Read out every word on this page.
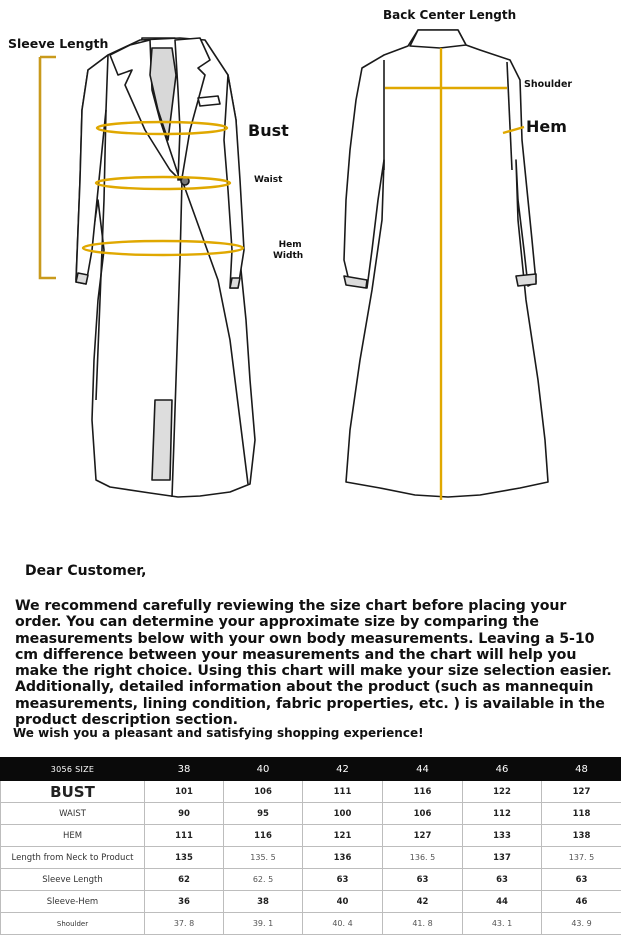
Sleeve Length
Bust
Waist
Hem
Width
Back Center Length
Shoulder
Hem
Dear Customer,
We recommend carefully reviewing the size chart before placing your order. You can determine your approximate size by comparing the measurements below with your own body measurements. Leaving a 5-10 cm difference between your measurements and the chart will help you make the right choice. Using this chart will make your size selection easier. Additionally, detailed information about the product (such as mannequin measurements, lining condition, fabric properties, etc. ) is available in the product description section.
We wish you a pleasant and satisfying shopping experience!
3056 SIZE	38	40	42	44	46	48
BUST	101	106	111	116	122	127
WAIST	90	95	100	106	112	118
HEM	111	116	121	127	133	138
Length from Neck to Product	135	135. 5	136	136. 5	137	137. 5
Sleeve Length	62	62. 5	63	63	63	63
Sleeve-Hem	36	38	40	42	44	46
Shoulder	37. 8	39. 1	40. 4	41. 8	43. 1	43. 9
